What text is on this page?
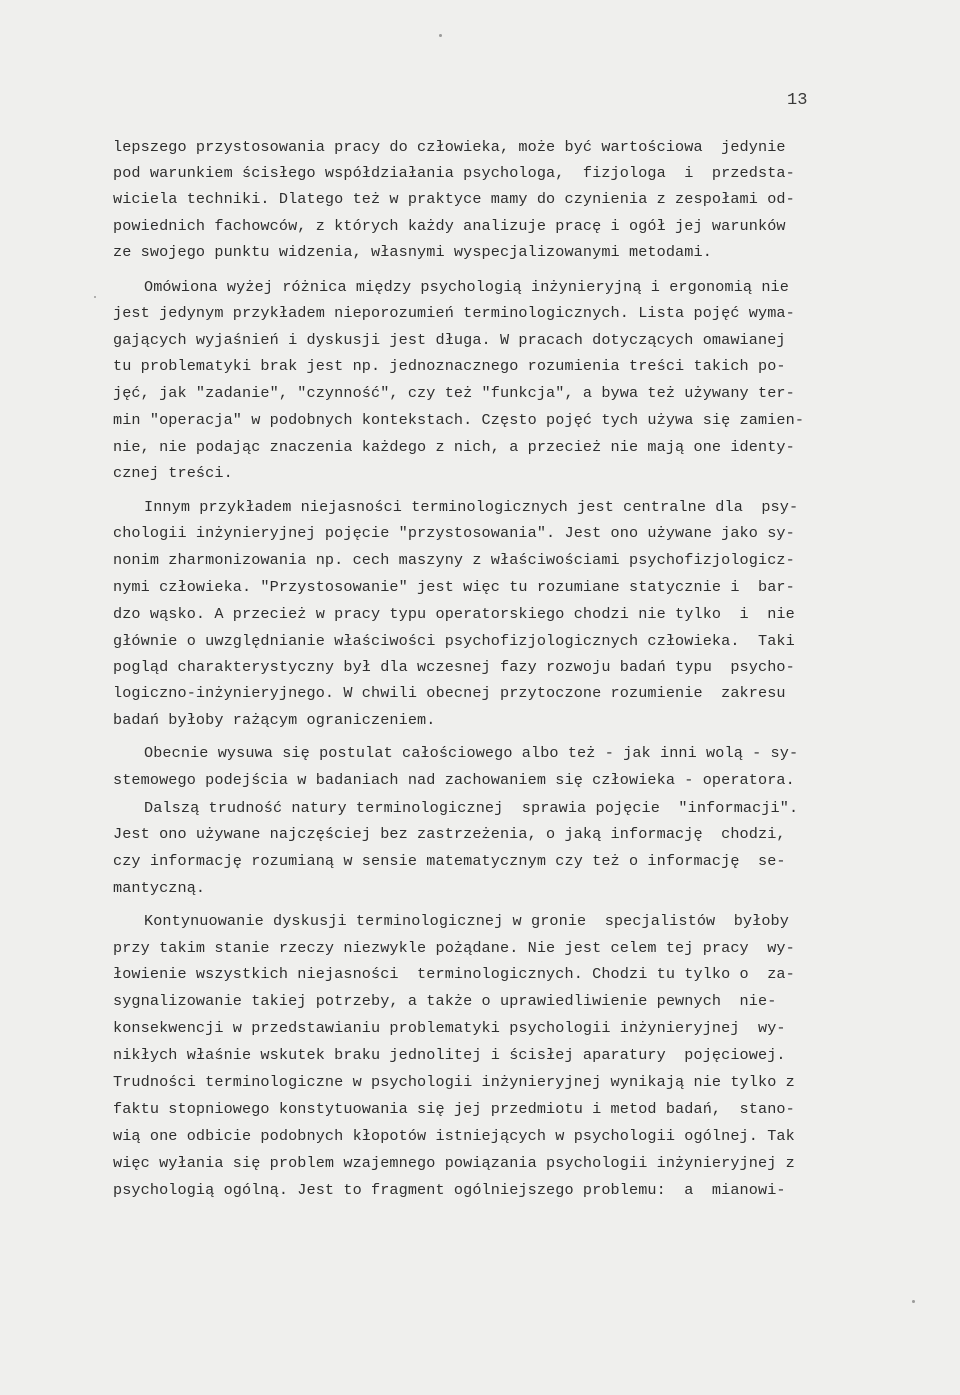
13
lepszego przystosowania pracy do człowieka, może być wartościowa  jedynie
pod warunkiem ścisłego współdziałania psychologa,  fizjologa  i  przedsta-
wiciela techniki. Dlatego też w praktyce mamy do czynienia z zespołami od-
powiednich fachowców, z których każdy analizuje pracę i ogół jej warunków
ze swojego punktu widzenia, własnymi wyspecjalizowanymi metodami.
Omówiona wyżej różnica między psychologią inżynieryjną i ergonomią nie
jest jedynym przykładem nieporozumień terminologicznych. Lista pojęć wyma-
gających wyjaśnień i dyskusji jest długa. W pracach dotyczących omawianej
tu problematyki brak jest np. jednoznacznego rozumienia treści takich po-
jęć, jak "zadanie", "czynność", czy też "funkcja", a bywa też używany ter-
min "operacja" w podobnych kontekstach. Często pojęć tych używa się zamien-
nie, nie podając znaczenia każdego z nich, a przecież nie mają one identy-
cznej treści.
Innym przykładem niejasności terminologicznych jest centralne dla  psy-
chologii inżynieryjnej pojęcie "przystosowania". Jest ono używane jako sy-
nonim zharmonizowania np. cech maszyny z właściwościami psychofizjologicz-
nymi człowieka. "Przystosowanie" jest więc tu rozumiane statycznie i  bar-
dzo wąsko. A przecież w pracy typu operatorskiego chodzi nie tylko  i  nie
głównie o uwzględnianie właściwości psychofizjologicznych człowieka.  Taki
pogląd charakterystyczny był dla wczesnej fazy rozwoju badań typu  psycho-
logiczno-inżynieryjnego. W chwili obecnej przytoczone rozumienie  zakresu
badań byłoby rażącym ograniczeniem.
Obecnie wysuwa się postulat całościowego albo też - jak inni wolą - sy-
stemowego podejścia w badaniach nad zachowaniem się człowieka - operatora.
Dalszą trudność natury terminologicznej  sprawia pojęcie  "informacji".
Jest ono używane najczęściej bez zastrzeżenia, o jaką informację  chodzi,
czy informację rozumianą w sensie matematycznym czy też o informację  se-
mantyczną.
Kontynuowanie dyskusji terminologicznej w gronie  specjalistów  byłoby
przy takim stanie rzeczy niezwykle pożądane. Nie jest celem tej pracy  wy-
łowienie wszystkich niejasności  terminologicznych. Chodzi tu tylko o  za-
sygnalizowanie takiej potrzeby, a także o uprawiedliwienie pewnych  nie-
konsekwencji w przedstawianiu problematyki psychologii inżynieryjnej  wy-
nikłych właśnie wskutek braku jednolitej i ścisłej aparatury  pojęciowej.
Trudności terminologiczne w psychologii inżynieryjnej wynikają nie tylko z
faktu stopniowego konstytuowania się jej przedmiotu i metod badań,  stano-
wią one odbicie podobnych kłopotów istniejących w psychologii ogólnej. Tak
więc wyłania się problem wzajemnego powiązania psychologii inżynieryjnej z
psychologią ogólną. Jest to fragment ogólniejszego problemu:  a  mianowi-
